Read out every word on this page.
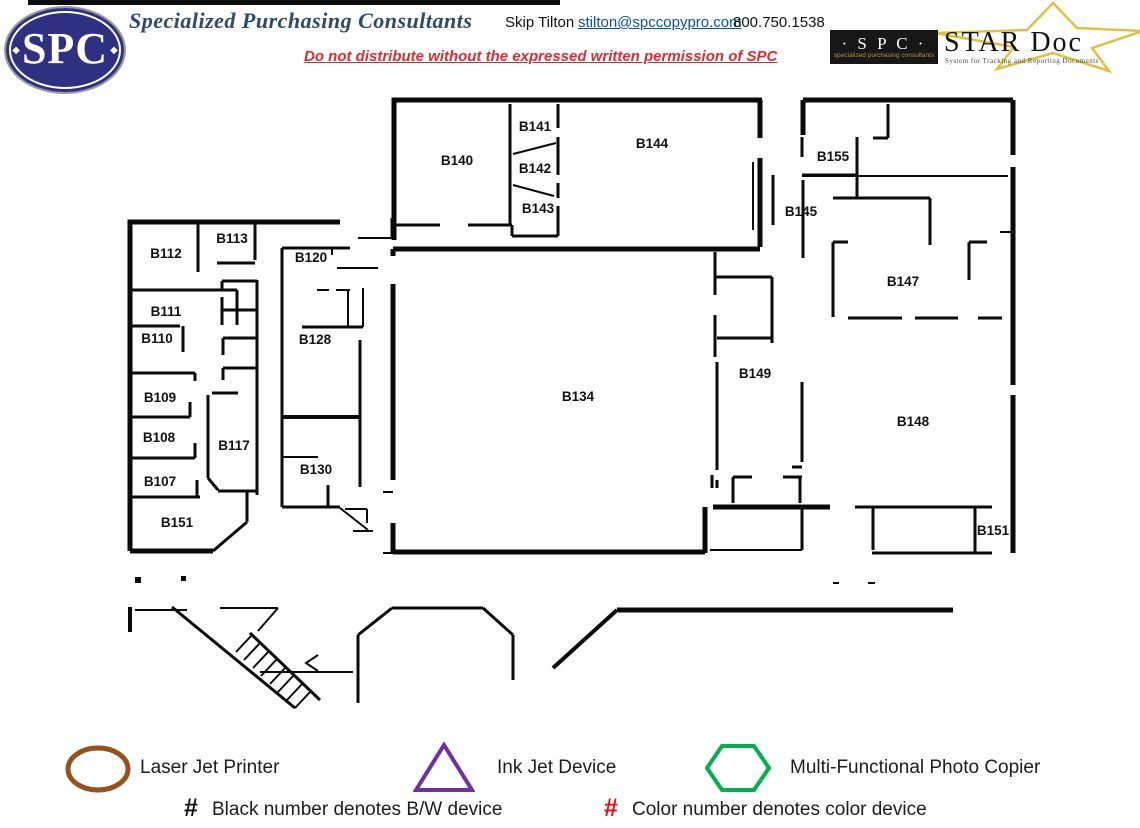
B112
B113
B120
B111
B110	B128
B109
B108
B117
B107
B130
B151
B140
B141
B142
B143
B144
B155
B145
B147
B149
B134
B148
B151
◆ SPC ◆
Specialized Purchasing Consultants Skip Tilton stilton@spccopypro.com
800.750.1538
Do not distribute without the expressed written permission of SPC
· S P C ·
specialized purchasing consultants STAR Doc
System for Tracking and Reporting Documents
Laser Jet Printer	Ink Jet Device	Multi-Functional Photo Copier
# Black number denotes B/W device	# Color number denotes color device
